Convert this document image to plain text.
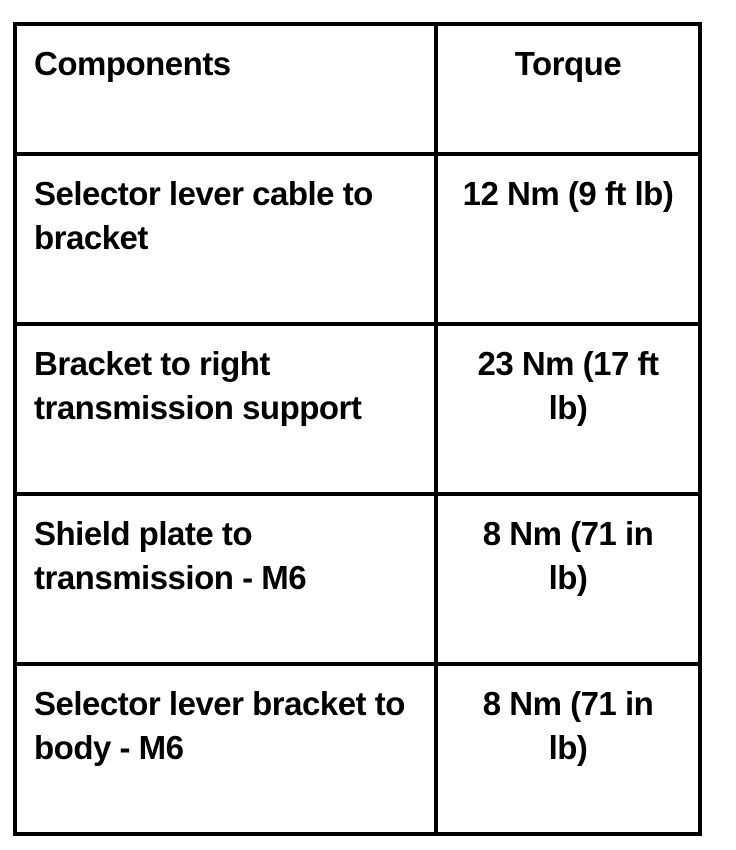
Components	Torque

Selector lever cable to bracket	12 Nm (9 ft lb)

Bracket to right transmission support	23 Nm (17 ft lb)

Shield plate to transmission - M6	8 Nm (71 in lb)

Selector lever bracket to body - M6	8 Nm (71 in lb)
